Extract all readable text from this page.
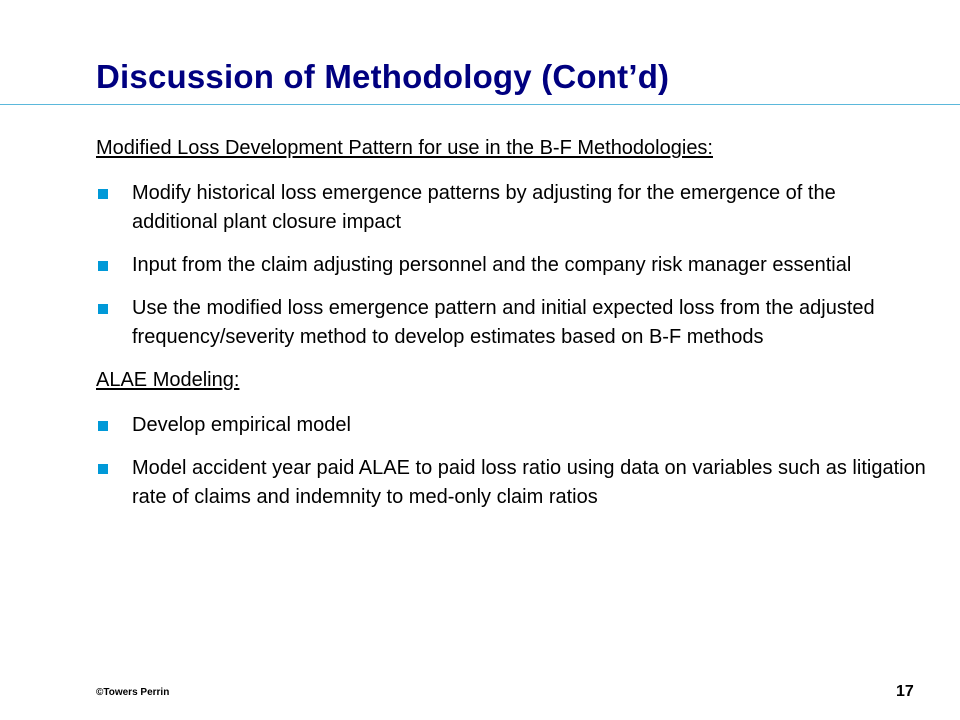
Discussion of Methodology (Cont’d)

Modified Loss Development Pattern for use in the B-F Methodologies:

Modify historical loss emergence patterns by adjusting for the emergence of the additional plant closure impact
Input from the claim adjusting personnel and the company risk manager essential
Use the modified loss emergence pattern and initial expected loss from the adjusted frequency/severity method to develop estimates based on B-F methods

ALAE Modeling:

Develop empirical model
Model accident year paid ALAE to paid loss ratio using data on variables such as litigation rate of claims and indemnity to med-only claim ratios
©Towers Perrin	17
